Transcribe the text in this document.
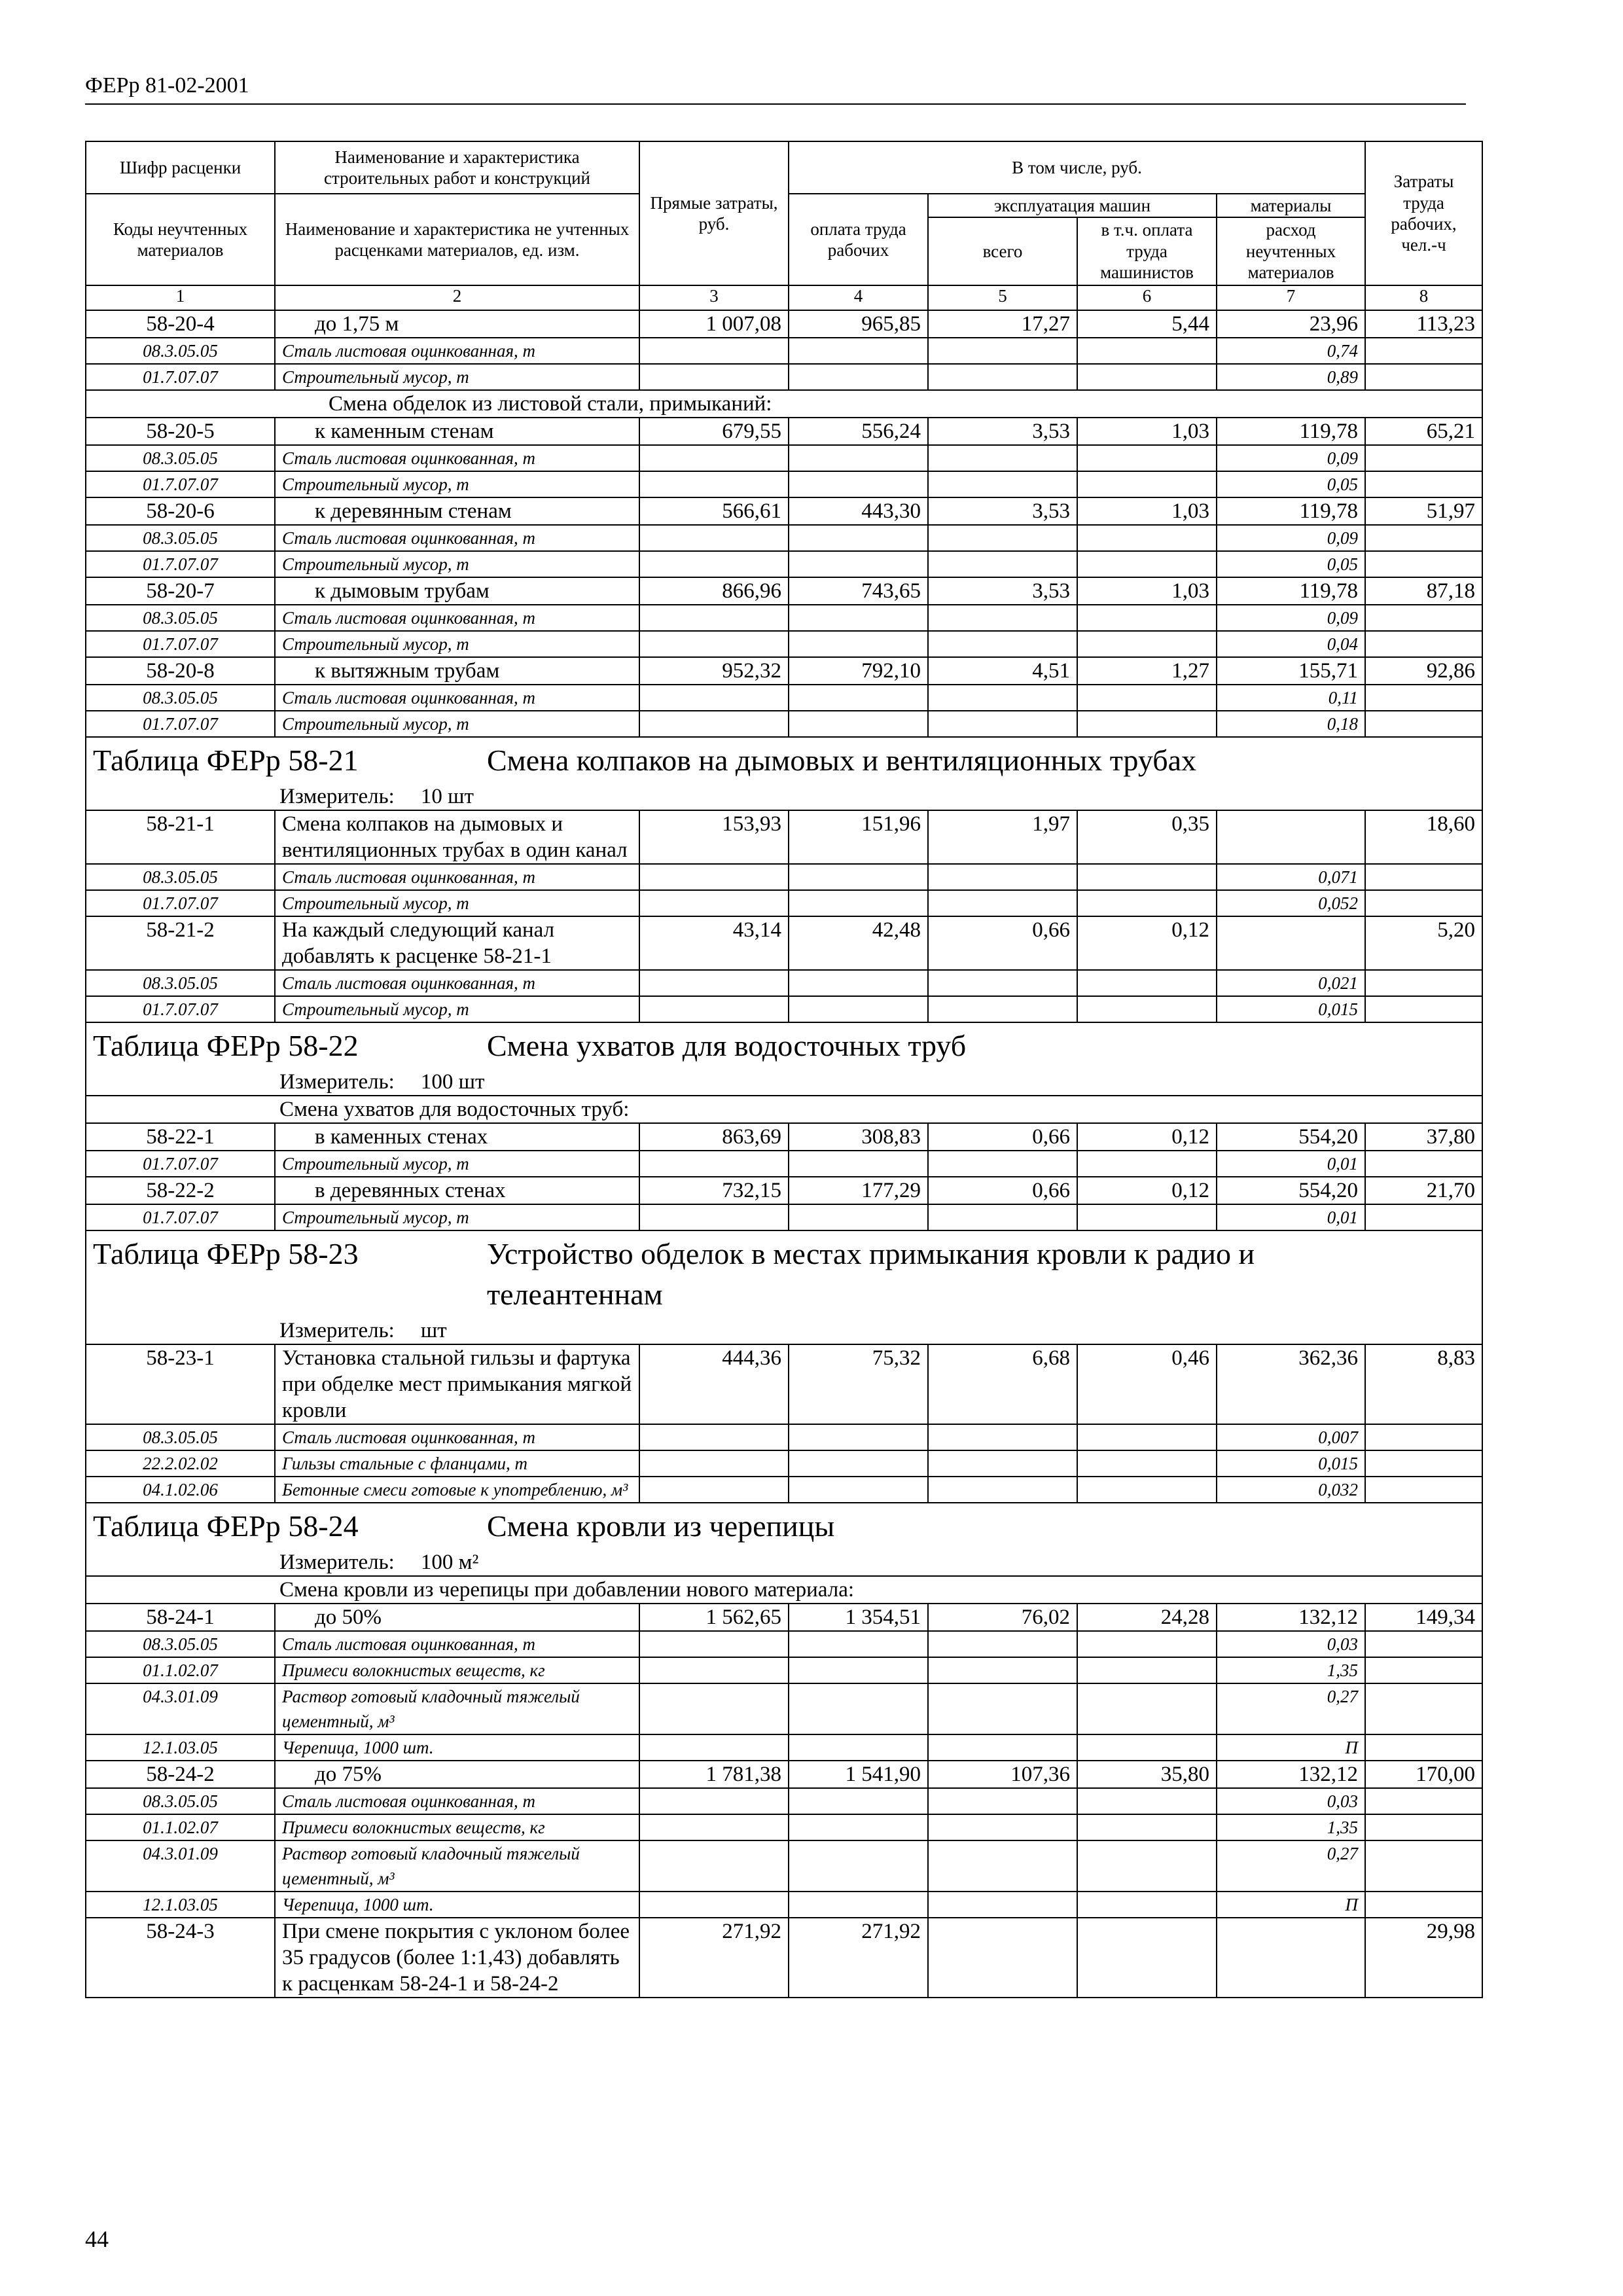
ФЕРр 81-02-2001
Шифр расценки	Наименование и характеристика строительных работ и конструкций	Прямые затраты, руб.	В том числе, руб.				Затраты труда рабочих, чел.-ч
Коды неучтенных материалов	Наименование и характеристика не учтенных расценками материалов, ед. изм.		оплата труда рабочих	эксплуатация машин		материалы	
				всего	в т.ч. оплата труда машинистов	расход неучтенных материалов	
1	2	3	4	5	6	7	8
58-20-4	до 1,75 м	1 007,08	965,85	17,27	5,44	23,96	113,23
08.3.05.05	Сталь листовая оцинкованная, т					0,74	
01.7.07.07	Строительный мусор, т					0,89	
Смена обделок из листовой стали, примыканий:							
58-20-5	к каменным стенам	679,55	556,24	3,53	1,03	119,78	65,21
08.3.05.05	Сталь листовая оцинкованная, т					0,09	
01.7.07.07	Строительный мусор, т					0,05	
58-20-6	к деревянным стенам	566,61	443,30	3,53	1,03	119,78	51,97
08.3.05.05	Сталь листовая оцинкованная, т					0,09	
01.7.07.07	Строительный мусор, т					0,05	
58-20-7	к дымовым трубам	866,96	743,65	3,53	1,03	119,78	87,18
08.3.05.05	Сталь листовая оцинкованная, т					0,09	
01.7.07.07	Строительный мусор, т					0,04	
58-20-8	к вытяжным трубам	952,32	792,10	4,51	1,27	155,71	92,86
08.3.05.05	Сталь листовая оцинкованная, т					0,11	
01.7.07.07	Строительный мусор, т					0,18	
Таблица ФЕРр 58-21 Смена колпаков на дымовых и вентиляционных трубах							
Измеритель: 10 шт							
58-21-1	Смена колпаков на дымовых и вентиляционных трубах в один канал	153,93	151,96	1,97	0,35		18,60
08.3.05.05	Сталь листовая оцинкованная, т					0,071	
01.7.07.07	Строительный мусор, т					0,052	
58-21-2	На каждый следующий канал добавлять к расценке 58-21-1	43,14	42,48	0,66	0,12		5,20
08.3.05.05	Сталь листовая оцинкованная, т					0,021	
01.7.07.07	Строительный мусор, т					0,015	
Таблица ФЕРр 58-22 Смена ухватов для водосточных труб							
Измеритель: 100 шт							
Смена ухватов для водосточных труб:							
58-22-1	в каменных стенах	863,69	308,83	0,66	0,12	554,20	37,80
01.7.07.07	Строительный мусор, т					0,01	
58-22-2	в деревянных стенах	732,15	177,29	0,66	0,12	554,20	21,70
01.7.07.07	Строительный мусор, т					0,01	
Таблица ФЕРр 58-23 Устройство обделок в местах примыкания кровли к радио и телеантеннам							
Измеритель: шт							
58-23-1	Установка стальной гильзы и фартука при обделке мест примыкания мягкой кровли	444,36	75,32	6,68	0,46	362,36	8,83
08.3.05.05	Сталь листовая оцинкованная, т					0,007	
22.2.02.02	Гильзы стальные с фланцами, т					0,015	
04.1.02.06	Бетонные смеси готовые к употреблению, м³					0,032	
Таблица ФЕРр 58-24 Смена кровли из черепицы							
Измеритель: 100 м²							
Смена кровли из черепицы при добавлении нового материала:							
58-24-1	до 50%	1 562,65	1 354,51	76,02	24,28	132,12	149,34
08.3.05.05	Сталь листовая оцинкованная, т					0,03	
01.1.02.07	Примеси волокнистых веществ, кг					1,35	
04.3.01.09	Раствор готовый кладочный тяжелый цементный, м³					0,27	
12.1.03.05	Черепица, 1000 шт.					П	
58-24-2	до 75%	1 781,38	1 541,90	107,36	35,80	132,12	170,00
08.3.05.05	Сталь листовая оцинкованная, т					0,03	
01.1.02.07	Примеси волокнистых веществ, кг					1,35	
04.3.01.09	Раствор готовый кладочный тяжелый цементный, м³					0,27	
12.1.03.05	Черепица, 1000 шт.					П	
58-24-3	При смене покрытия с уклоном более 35 градусов (более 1:1,43) добавлять к расценкам 58-24-1 и 58-24-2	271,92	271,92				29,98
44
